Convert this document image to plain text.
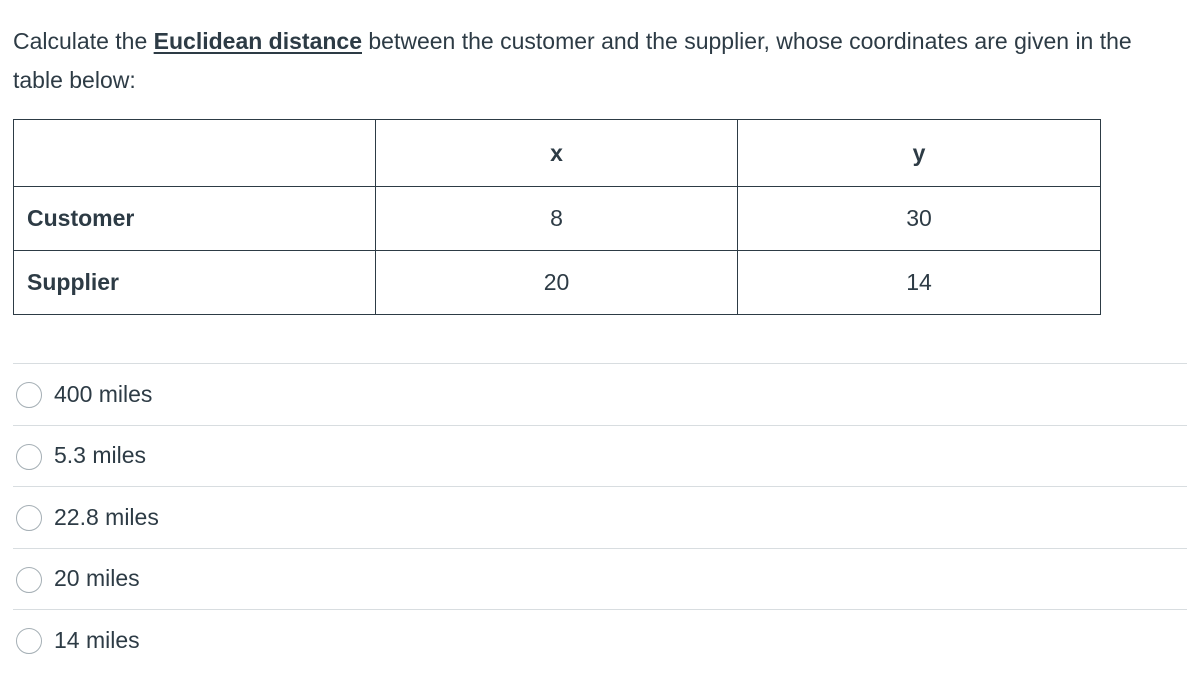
Calculate the Euclidean distance between the customer and the supplier, whose coordinates are given in the table below:
	x	y
Customer	8	30
Supplier	20	14
400 miles
5.3 miles
22.8 miles
20 miles
14 miles
